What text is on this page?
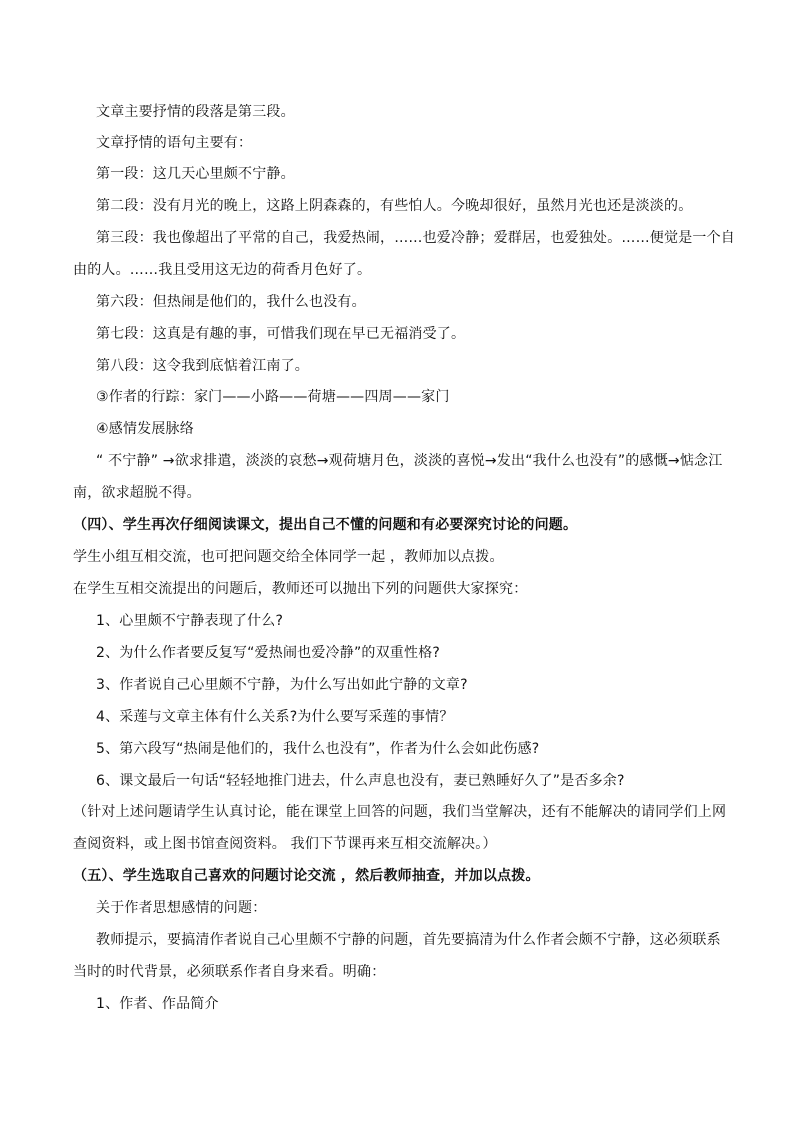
文章主要抒情的段落是第三段。
文章抒情的语句主要有：
第一段：这几天心里颇不宁静。
第二段：没有月光的晚上，这路上阴森森的，有些怕人。今晚却很好，虽然月光也还是淡淡的。
第三段：我也像超出了平常的自己，我爱热闹，……也爱冷静；爱群居，也爱独处。……便觉是一个自
由的人。……我且受用这无边的荷香月色好了。
第六段：但热闹是他们的，我什么也没有。
第七段：这真是有趣的事，可惜我们现在早已无福消受了。
第八段：这令我到底惦着江南了。
③作者的行踪：家门——小路——荷塘——四周——家门
④感情发展脉络
“ 不宁静” →欲求排遣，淡淡的哀愁→观荷塘月色，淡淡的喜悦→发出“我什么也没有”的感慨→惦念江
南，欲求超脱不得。
（四）、学生再次仔细阅读课文，提出自己不懂的问题和有必要深究讨论的问题。
学生小组互相交流，也可把问题交给全体同学一起 ，教师加以点拨。
在学生互相交流提出的问题后，教师还可以抛出下列的问题供大家探究：
1、心里颇不宁静表现了什么?
2、为什么作者要反复写“爱热闹也爱冷静”的双重性格?
3、作者说自己心里颇不宁静，为什么写出如此宁静的文章?
4、采莲与文章主体有什么关系?为什么要写采莲的事情？
5、第六段写“热闹是他们的，我什么也没有”，作者为什么会如此伤感?
6、课文最后一句话“轻轻地推门进去，什么声息也没有，妻已熟睡好久了”是否多余?
（针对上述问题请学生认真讨论，能在课堂上回答的问题，我们当堂解决，还有不能解决的请同学们上网
查阅资料，或上图书馆查阅资料。 我们下节课再来互相交流解决。）
（五）、学生选取自己喜欢的问题讨论交流 ，然后教师抽查，并加以点拨。
关于作者思想感情的问题：
教师提示，要搞清作者说自己心里颇不宁静的问题，首先要搞清为什么作者会颇不宁静，这必须联系
当时的时代背景，必须联系作者自身来看。明确：
1、作者、作品简介
